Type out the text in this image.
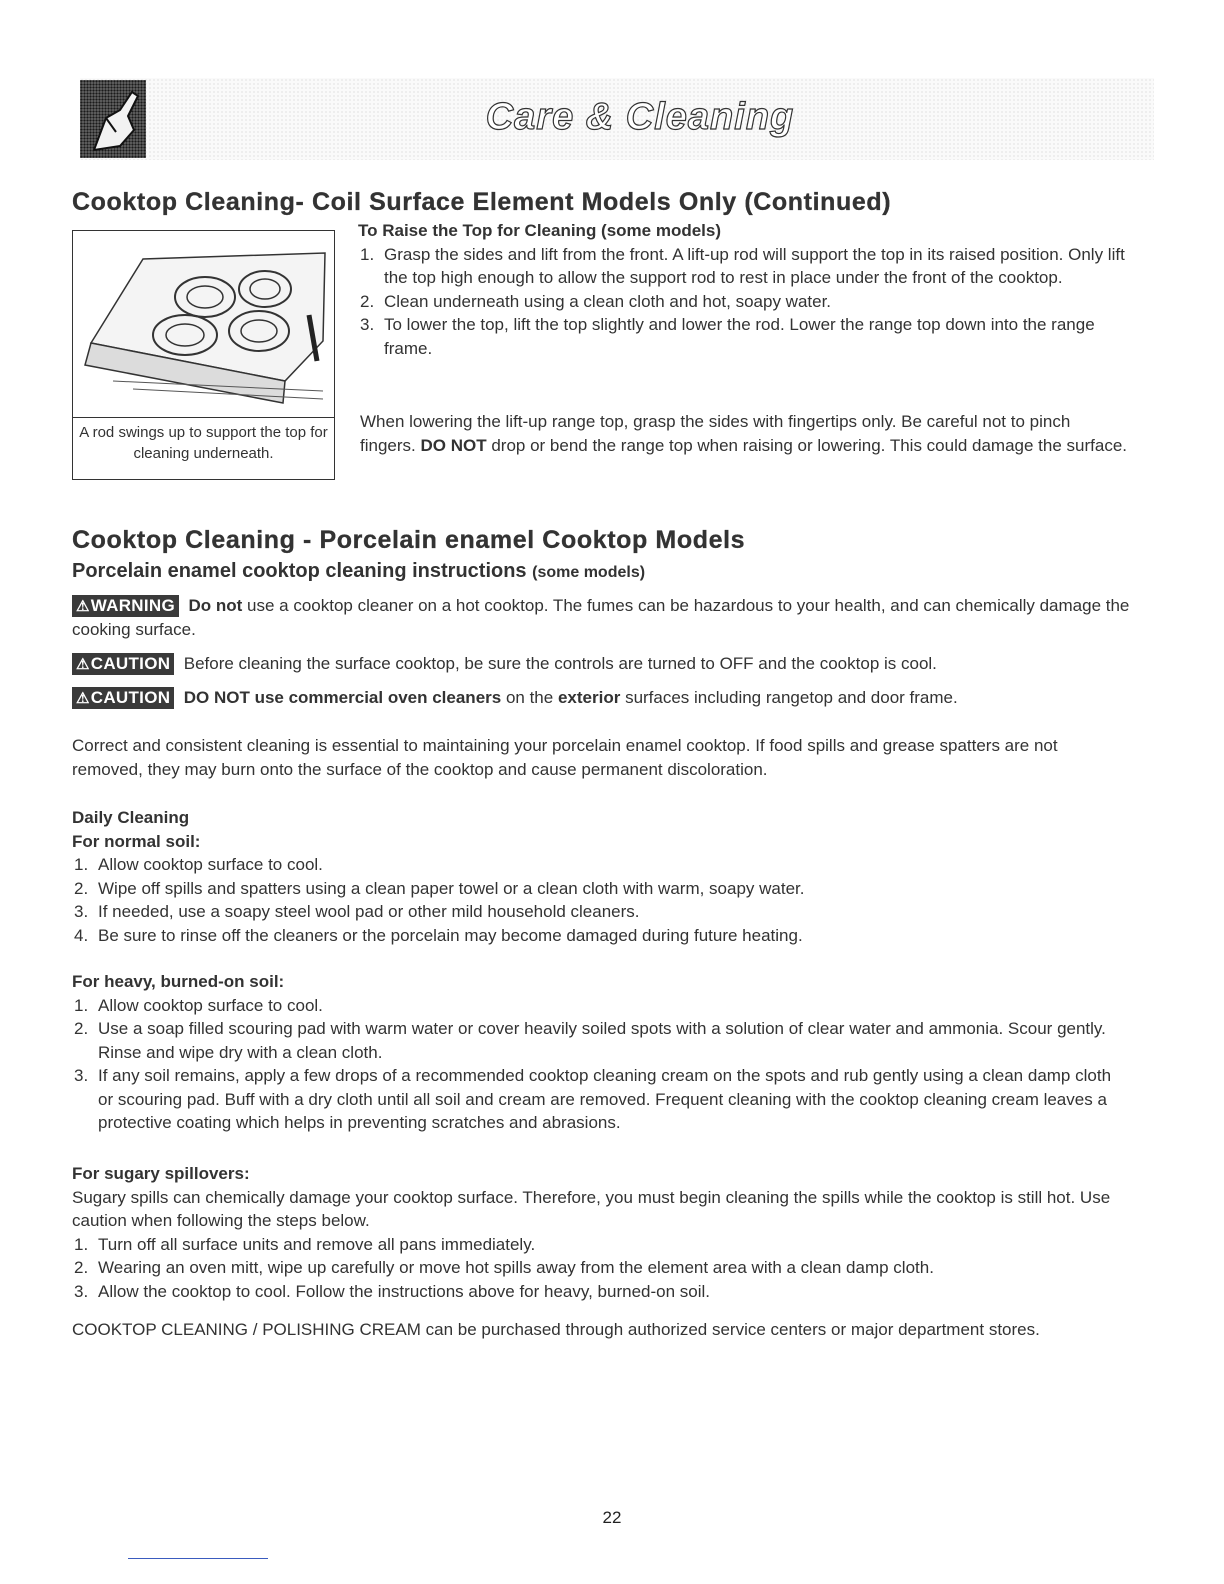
Care & Cleaning
Cooktop Cleaning- Coil Surface Element Models Only (Continued)
A rod swings up to support the top for cleaning underneath.
To Raise the Top for Cleaning (some models)
1. Grasp the sides and lift from the front. A lift-up rod will support the top in its raised position. Only lift the top high enough to allow the support rod to rest in place under the front of the cooktop.
2. Clean underneath using a clean cloth and hot, soapy water.
3. To lower the top, lift the top slightly and lower the rod. Lower the range top down into the range frame.
When lowering the lift-up range top, grasp the sides with fingertips only. Be careful not to pinch fingers. DO NOT drop or bend the range top when raising or lowering. This could damage the surface.
Cooktop Cleaning - Porcelain enamel Cooktop Models
Porcelain enamel cooktop cleaning instructions (some models)
⚠WARNING Do not use a cooktop cleaner on a hot cooktop. The fumes can be hazardous to your health, and can chemically damage the cooking surface.
⚠CAUTION Before cleaning the surface cooktop, be sure the controls are turned to OFF and the cooktop is cool.
⚠CAUTION DO NOT use commercial oven cleaners on the exterior surfaces including rangetop and door frame.
Correct and consistent cleaning is essential to maintaining your porcelain enamel cooktop. If food spills and grease spatters are not removed, they may burn onto the surface of the cooktop and cause permanent discoloration.
Daily Cleaning
For normal soil:
1. Allow cooktop surface to cool.
2. Wipe off spills and spatters using a clean paper towel or a clean cloth with warm, soapy water.
3. If needed, use a soapy steel wool pad or other mild household cleaners.
4. Be sure to rinse off the cleaners or the porcelain may become damaged during future heating.
For heavy, burned-on soil:
1. Allow cooktop surface to cool.
2. Use a soap filled scouring pad with warm water or cover heavily soiled spots with a solution of clear water and ammonia. Scour gently. Rinse and wipe dry with a clean cloth.
3. If any soil remains, apply a few drops of a recommended cooktop cleaning cream on the spots and rub gently using a clean damp cloth or scouring pad. Buff with a dry cloth until all soil and cream are removed. Frequent cleaning with the cooktop cleaning cream leaves a protective coating which helps in preventing scratches and abrasions.
For sugary spillovers:
Sugary spills can chemically damage your cooktop surface. Therefore, you must begin cleaning the spills while the cooktop is still hot. Use caution when following the steps below.
1. Turn off all surface units and remove all pans immediately.
2. Wearing an oven mitt, wipe up carefully or move hot spills away from the element area with a clean damp cloth.
3. Allow the cooktop to cool. Follow the instructions above for heavy, burned-on soil.
COOKTOP CLEANING / POLISHING CREAM can be purchased through authorized service centers or major department stores.
22
